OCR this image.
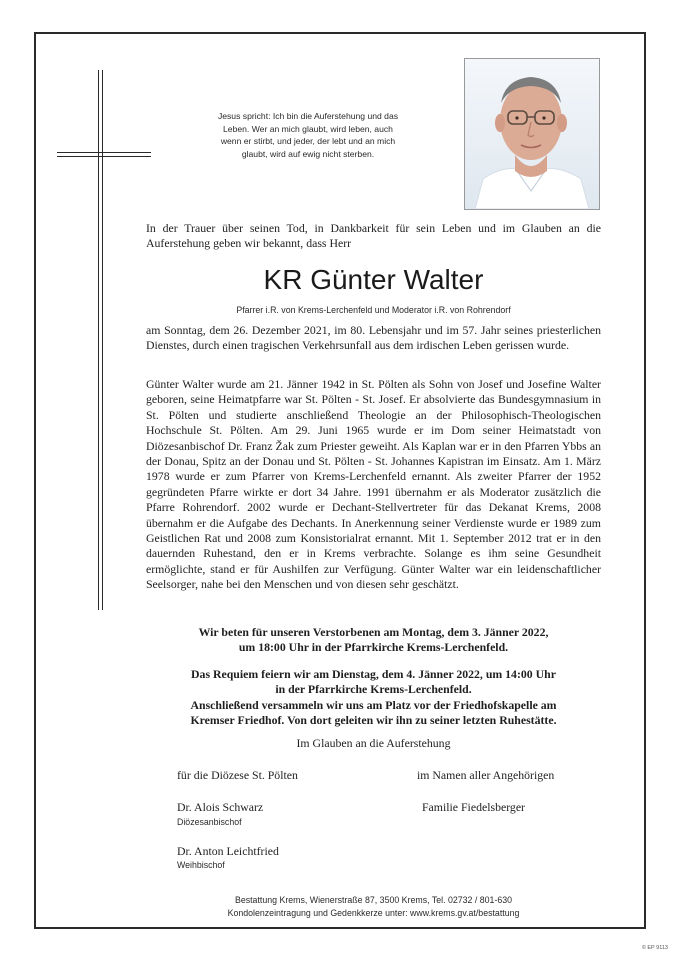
Jesus spricht: Ich bin die Auferstehung und das
Leben. Wer an mich glaubt, wird leben, auch
wenn er stirbt, und jeder, der lebt und an mich
glaubt, wird auf ewig nicht sterben.
In der Trauer über seinen Tod, in Dankbarkeit für sein Leben und im Glauben an die Auferstehung geben wir bekannt, dass Herr
KR Günter Walter
Pfarrer i.R. von Krems-Lerchenfeld und Moderator i.R. von Rohrendorf
am Sonntag, dem 26. Dezember 2021, im 80. Lebensjahr und im 57. Jahr seines priesterlichen Dienstes, durch einen tragischen Verkehrsunfall aus dem irdischen Leben gerissen wurde.
Günter Walter wurde am 21. Jänner 1942 in St. Pölten als Sohn von Josef und Josefine Walter geboren, seine Heimatpfarre war St. Pölten - St. Josef. Er absolvierte das Bundesgymnasium in St. Pölten und studierte anschließend Theologie an der Philosophisch-Theologischen Hochschule St. Pölten. Am 29. Juni 1965 wurde er im Dom seiner Heimatstadt von Diözesanbischof Dr. Franz Žak zum Priester geweiht. Als Kaplan war er in den Pfarren Ybbs an der Donau, Spitz an der Donau und St. Pölten - St. Johannes Kapistran im Einsatz. Am 1. März 1978 wurde er zum Pfarrer von Krems-Lerchenfeld ernannt. Als zweiter Pfarrer der 1952 gegründeten Pfarre wirkte er dort 34 Jahre. 1991 übernahm er als Moderator zusätzlich die Pfarre Rohrendorf. 2002 wurde er Dechant-Stellvertreter für das Dekanat Krems, 2008 übernahm er die Aufgabe des Dechants. In Anerkennung seiner Verdienste wurde er 1989 zum Geistlichen Rat und 2008 zum Konsistorialrat ernannt. Mit 1. September 2012 trat er in den dauernden Ruhestand, den er in Krems verbrachte. Solange es ihm seine Gesundheit ermöglichte, stand er für Aushilfen zur Verfügung. Günter Walter war ein leidenschaftlicher Seelsorger, nahe bei den Menschen und von diesen sehr geschätzt.
Wir beten für unseren Verstorbenen am Montag, dem 3. Jänner 2022,
um 18:00 Uhr in der Pfarrkirche Krems-Lerchenfeld.
Das Requiem feiern wir am Dienstag, dem 4. Jänner 2022, um 14:00 Uhr
in der Pfarrkirche Krems-Lerchenfeld.
Anschließend versammeln wir uns am Platz vor der Friedhofskapelle am
Kremser Friedhof. Von dort geleiten wir ihn zu seiner letzten Ruhestätte.
Im Glauben an die Auferstehung
für die Diözese St. Pölten	im Namen aller Angehörigen
Dr. Alois Schwarz
Diözesanbischof
Familie Fiedelsberger
Dr. Anton Leichtfried
Weihbischof
Bestattung Krems, Wienerstraße 87, 3500 Krems, Tel. 02732 / 801-630
Kondolenzeintragung und Gedenkkerze unter: www.krems.gv.at/bestattung
© EP 9113
